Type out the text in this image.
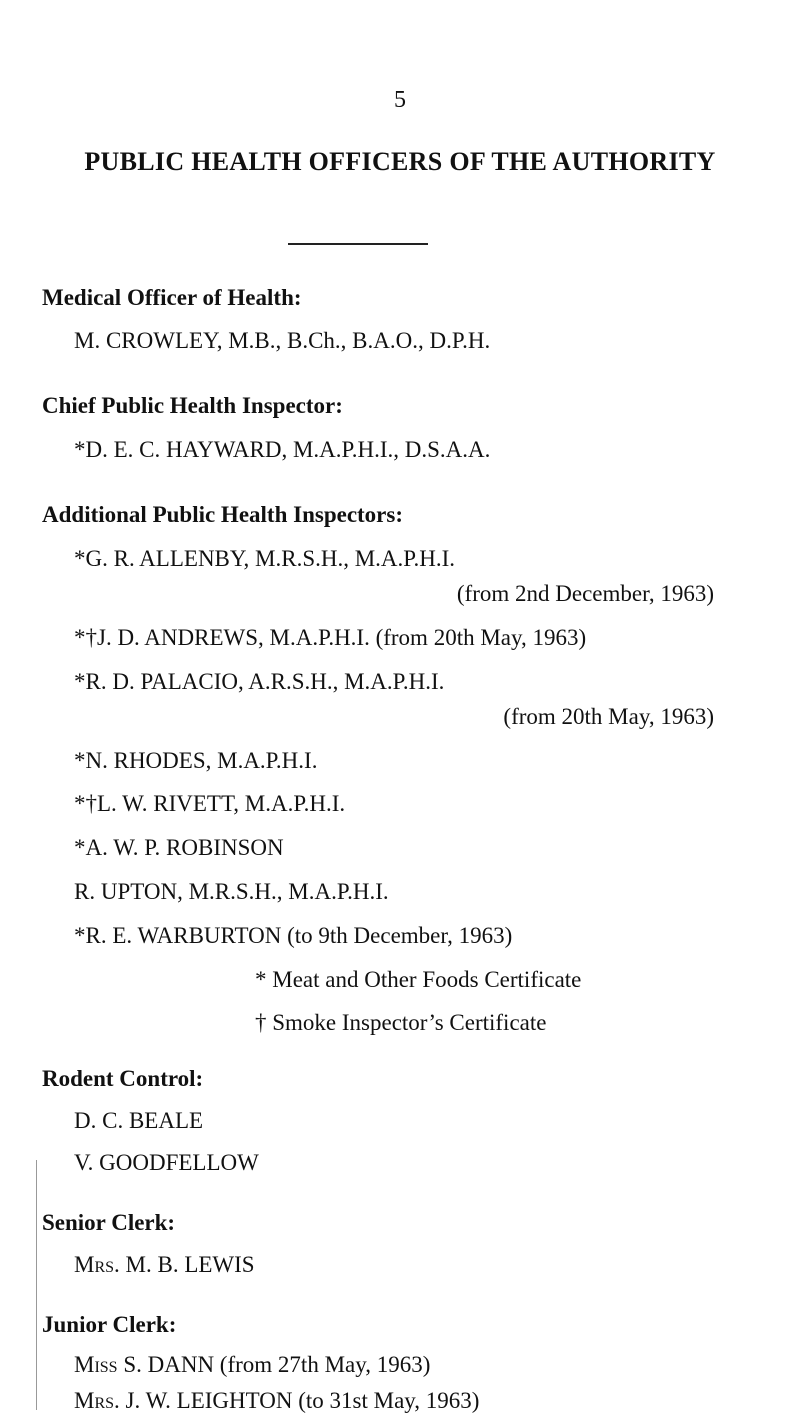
5
PUBLIC HEALTH OFFICERS OF THE AUTHORITY
Medical Officer of Health:
M. CROWLEY, M.B., B.Ch., B.A.O., D.P.H.
Chief Public Health Inspector:
*D. E. C. HAYWARD, M.A.P.H.I., D.S.A.A.
Additional Public Health Inspectors:
*G. R. ALLENBY, M.R.S.H., M.A.P.H.I.
(from 2nd December, 1963)
*†J. D. ANDREWS, M.A.P.H.I. (from 20th May, 1963)
*R. D. PALACIO, A.R.S.H., M.A.P.H.I.
(from 20th May, 1963)
*N. RHODES, M.A.P.H.I.
*†L. W. RIVETT, M.A.P.H.I.
*A. W. P. ROBINSON
R. UPTON, M.R.S.H., M.A.P.H.I.
*R. E. WARBURTON (to 9th December, 1963)
* Meat and Other Foods Certificate
† Smoke Inspector’s Certificate
Rodent Control:
D. C. BEALE
V. GOODFELLOW
Senior Clerk:
Mrs. M. B. LEWIS
Junior Clerk:
Miss S. DANN (from 27th May, 1963)
Mrs. J. W. LEIGHTON (to 31st May, 1963)
